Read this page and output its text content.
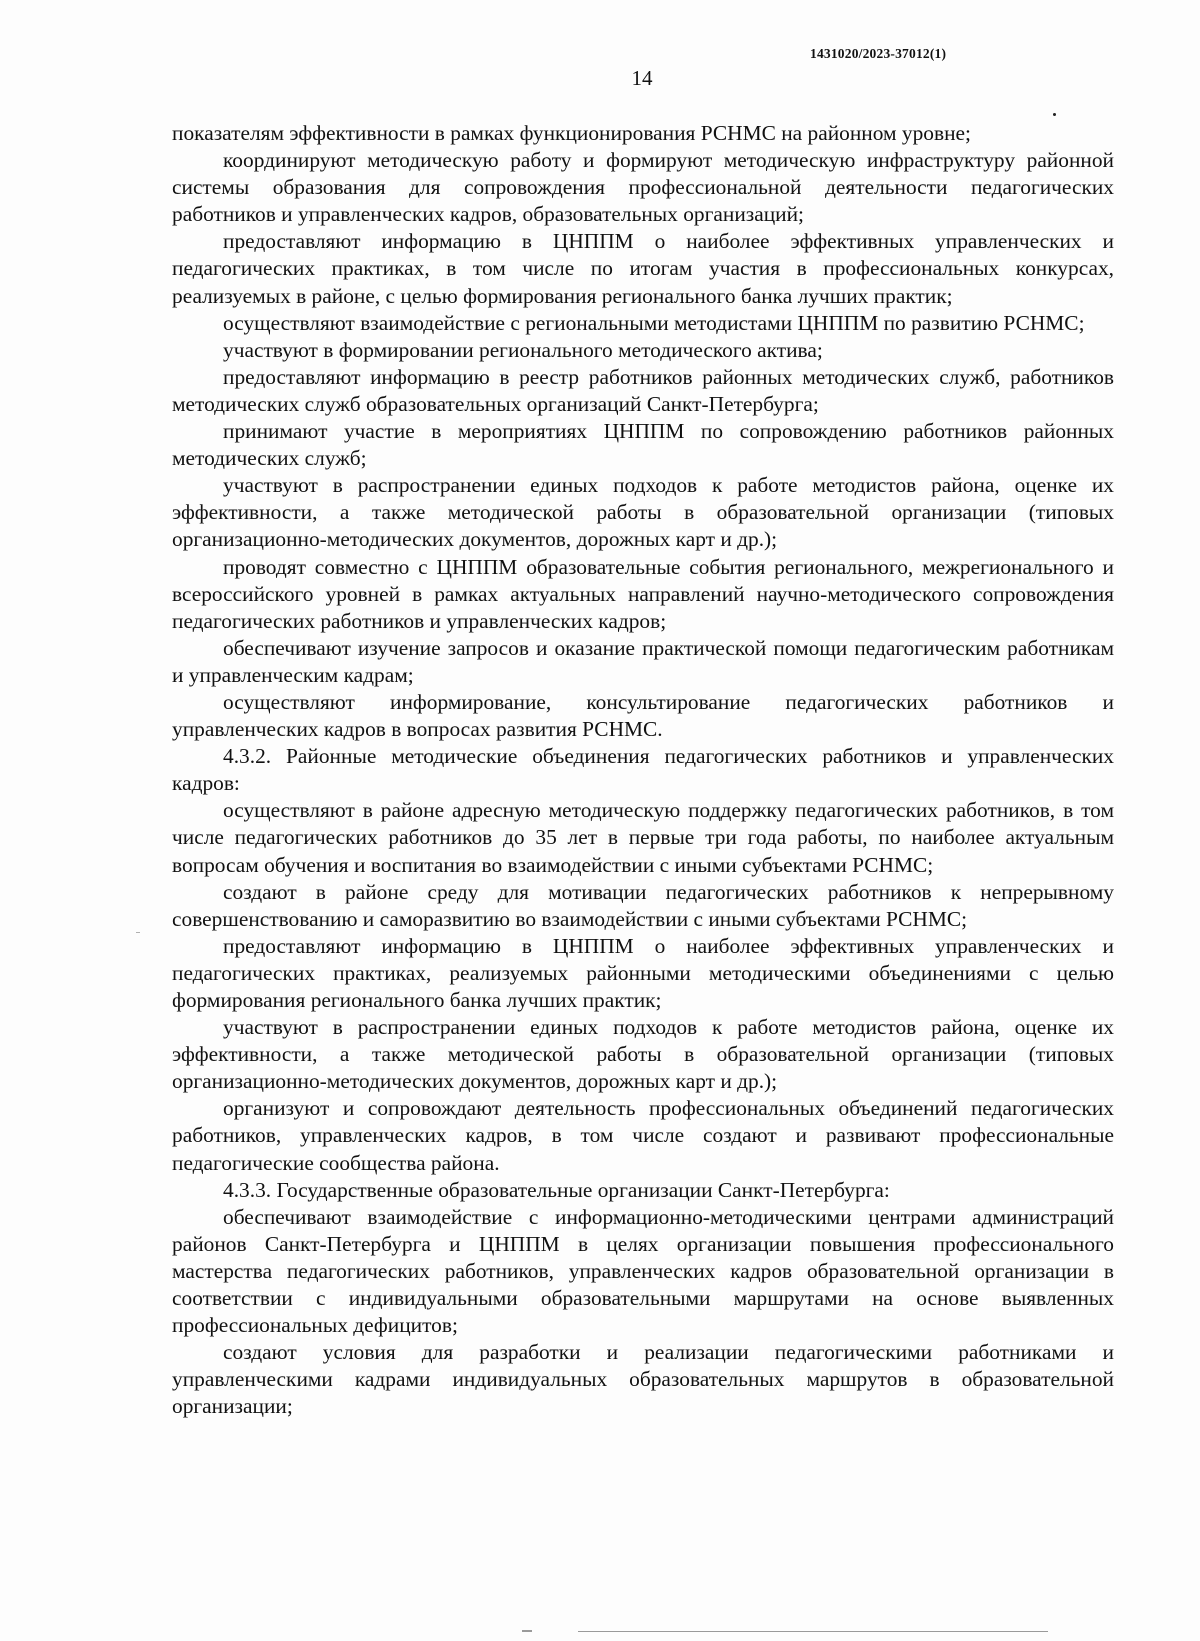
1431020/2023-37012(1)
14

показателям эффективности в рамках функционирования РСНМС на районном уровне;

координируют методическую работу и формируют методическую инфраструктуру районной системы образования для сопровождения профессиональной деятельности педагогических работников и управленческих кадров, образовательных организаций;

предоставляют информацию в ЦНППМ о наиболее эффективных управленческих и педагогических практиках, в том числе по итогам участия в профессиональных конкурсах, реализуемых в районе, с целью формирования регионального банка лучших практик;

осуществляют взаимодействие с региональными методистами ЦНППМ по развитию РСНМС;

участвуют в формировании регионального методического актива;

предоставляют информацию в реестр работников районных методических служб, работников методических служб образовательных организаций Санкт-Петербурга;

принимают участие в мероприятиях ЦНППМ по сопровождению работников районных методических служб;

участвуют в распространении единых подходов к работе методистов района, оценке их эффективности, а также методической работы в образовательной организации (типовых организационно-методических документов, дорожных карт и др.);

проводят совместно с ЦНППМ образовательные события регионального, межрегионального и всероссийского уровней в рамках актуальных направлений научно-методического сопровождения педагогических работников и управленческих кадров;

обеспечивают изучение запросов и оказание практической помощи педагогическим работникам и управленческим кадрам;

осуществляют информирование, консультирование педагогических работников и управленческих кадров в вопросах развития РСНМС.

4.3.2. Районные методические объединения педагогических работников и управленческих кадров:

осуществляют в районе адресную методическую поддержку педагогических работников, в том числе педагогических работников до 35 лет в первые три года работы, по наиболее актуальным вопросам обучения и воспитания во взаимодействии с иными субъектами РСНМС;

создают в районе среду для мотивации педагогических работников к непрерывному совершенствованию и саморазвитию во взаимодействии с иными субъектами РСНМС;

предоставляют информацию в ЦНППМ о наиболее эффективных управленческих и педагогических практиках, реализуемых районными методическими объединениями с целью формирования регионального банка лучших практик;

участвуют в распространении единых подходов к работе методистов района, оценке их эффективности, а также методической работы в образовательной организации (типовых организационно-методических документов, дорожных карт и др.);

организуют и сопровождают деятельность профессиональных объединений педагогических работников, управленческих кадров, в том числе создают и развивают профессиональные педагогические сообщества района.

4.3.3. Государственные образовательные организации Санкт-Петербурга:

обеспечивают взаимодействие с информационно-методическими центрами администраций районов Санкт-Петербурга и ЦНППМ в целях организации повышения профессионального мастерства педагогических работников, управленческих кадров образовательной организации в соответствии с индивидуальными образовательными маршрутами на основе выявленных профессиональных дефицитов;

создают условия для разработки и реализации педагогическими работниками и управленческими кадрами индивидуальных образовательных маршрутов в образовательной организации;
